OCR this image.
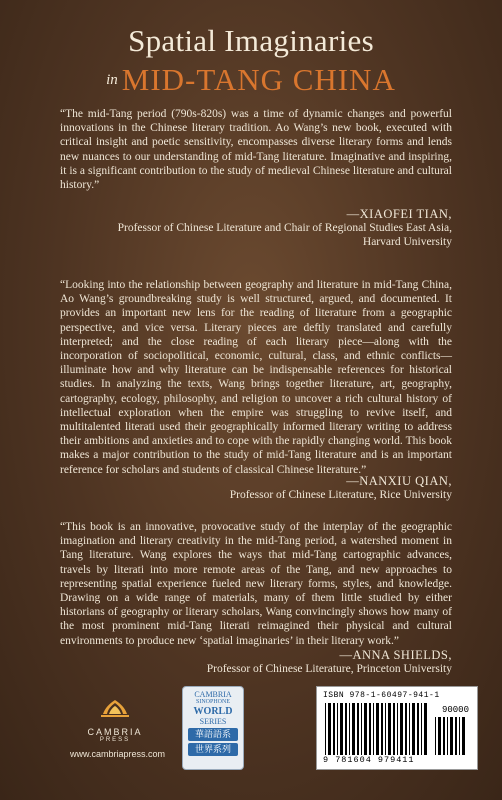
Spatial Imaginaries
in MID-TANG CHINA
“The mid-Tang period (790s-820s) was a time of dynamic changes and powerful innovations in the Chinese literary tradition. Ao Wang’s new book, executed with critical insight and poetic sensitivity, encompasses diverse literary forms and lends new nuances to our understanding of mid-Tang literature. Imaginative and inspiring, it is a significant contribution to the study of medieval Chinese literature and cultural history.”
—XIAOFEI TIAN,
Professor of Chinese Literature and Chair of Regional Studies East Asia,
Harvard University
“Looking into the relationship between geography and literature in mid-Tang China, Ao Wang’s groundbreaking study is well structured, argued, and documented. It provides an important new lens for the reading of literature from a geographic perspective, and vice versa. Literary pieces are deftly translated and carefully interpreted; and the close reading of each literary piece—along with the incorporation of sociopolitical, economic, cultural, class, and ethnic conflicts—illuminate how and why literature can be indispensable references for historical studies. In analyzing the texts, Wang brings together literature, art, geography, cartography, ecology, philosophy, and religion to uncover a rich cultural history of intellectual exploration when the empire was struggling to revive itself, and multitalented literati used their geographically informed literary writing to address their ambitions and anxieties and to cope with the rapidly changing world. This book makes a major contribution to the study of mid-Tang literature and is an important reference for scholars and students of classical Chinese literature.”
—NANXIU QIAN,
Professor of Chinese Literature, Rice University
“This book is an innovative, provocative study of the interplay of the geographic imagination and literary creativity in the mid-Tang period, a watershed moment in Tang literature. Wang explores the ways that mid-Tang cartographic advances, travels by literati into more remote areas of the Tang, and new approaches to representing spatial experience fueled new literary forms, styles, and knowledge. Drawing on a wide range of materials, many of them little studied by either historians of geography or literary scholars, Wang convincingly shows how many of the most prominent mid-Tang literati reimagined their physical and cultural environments to produce new ‘spatial imaginaries’ in their literary work.”
—ANNA SHIELDS,
Professor of Chinese Literature, Princeton University
CAMBRIA
PRESS
www.cambriapress.com
CAMBRIA
SINOPHONE
WORLD
SERIES
華語語系
世界系列
ISBN 978-1-60497-941-1
90000
9 781604 979411
